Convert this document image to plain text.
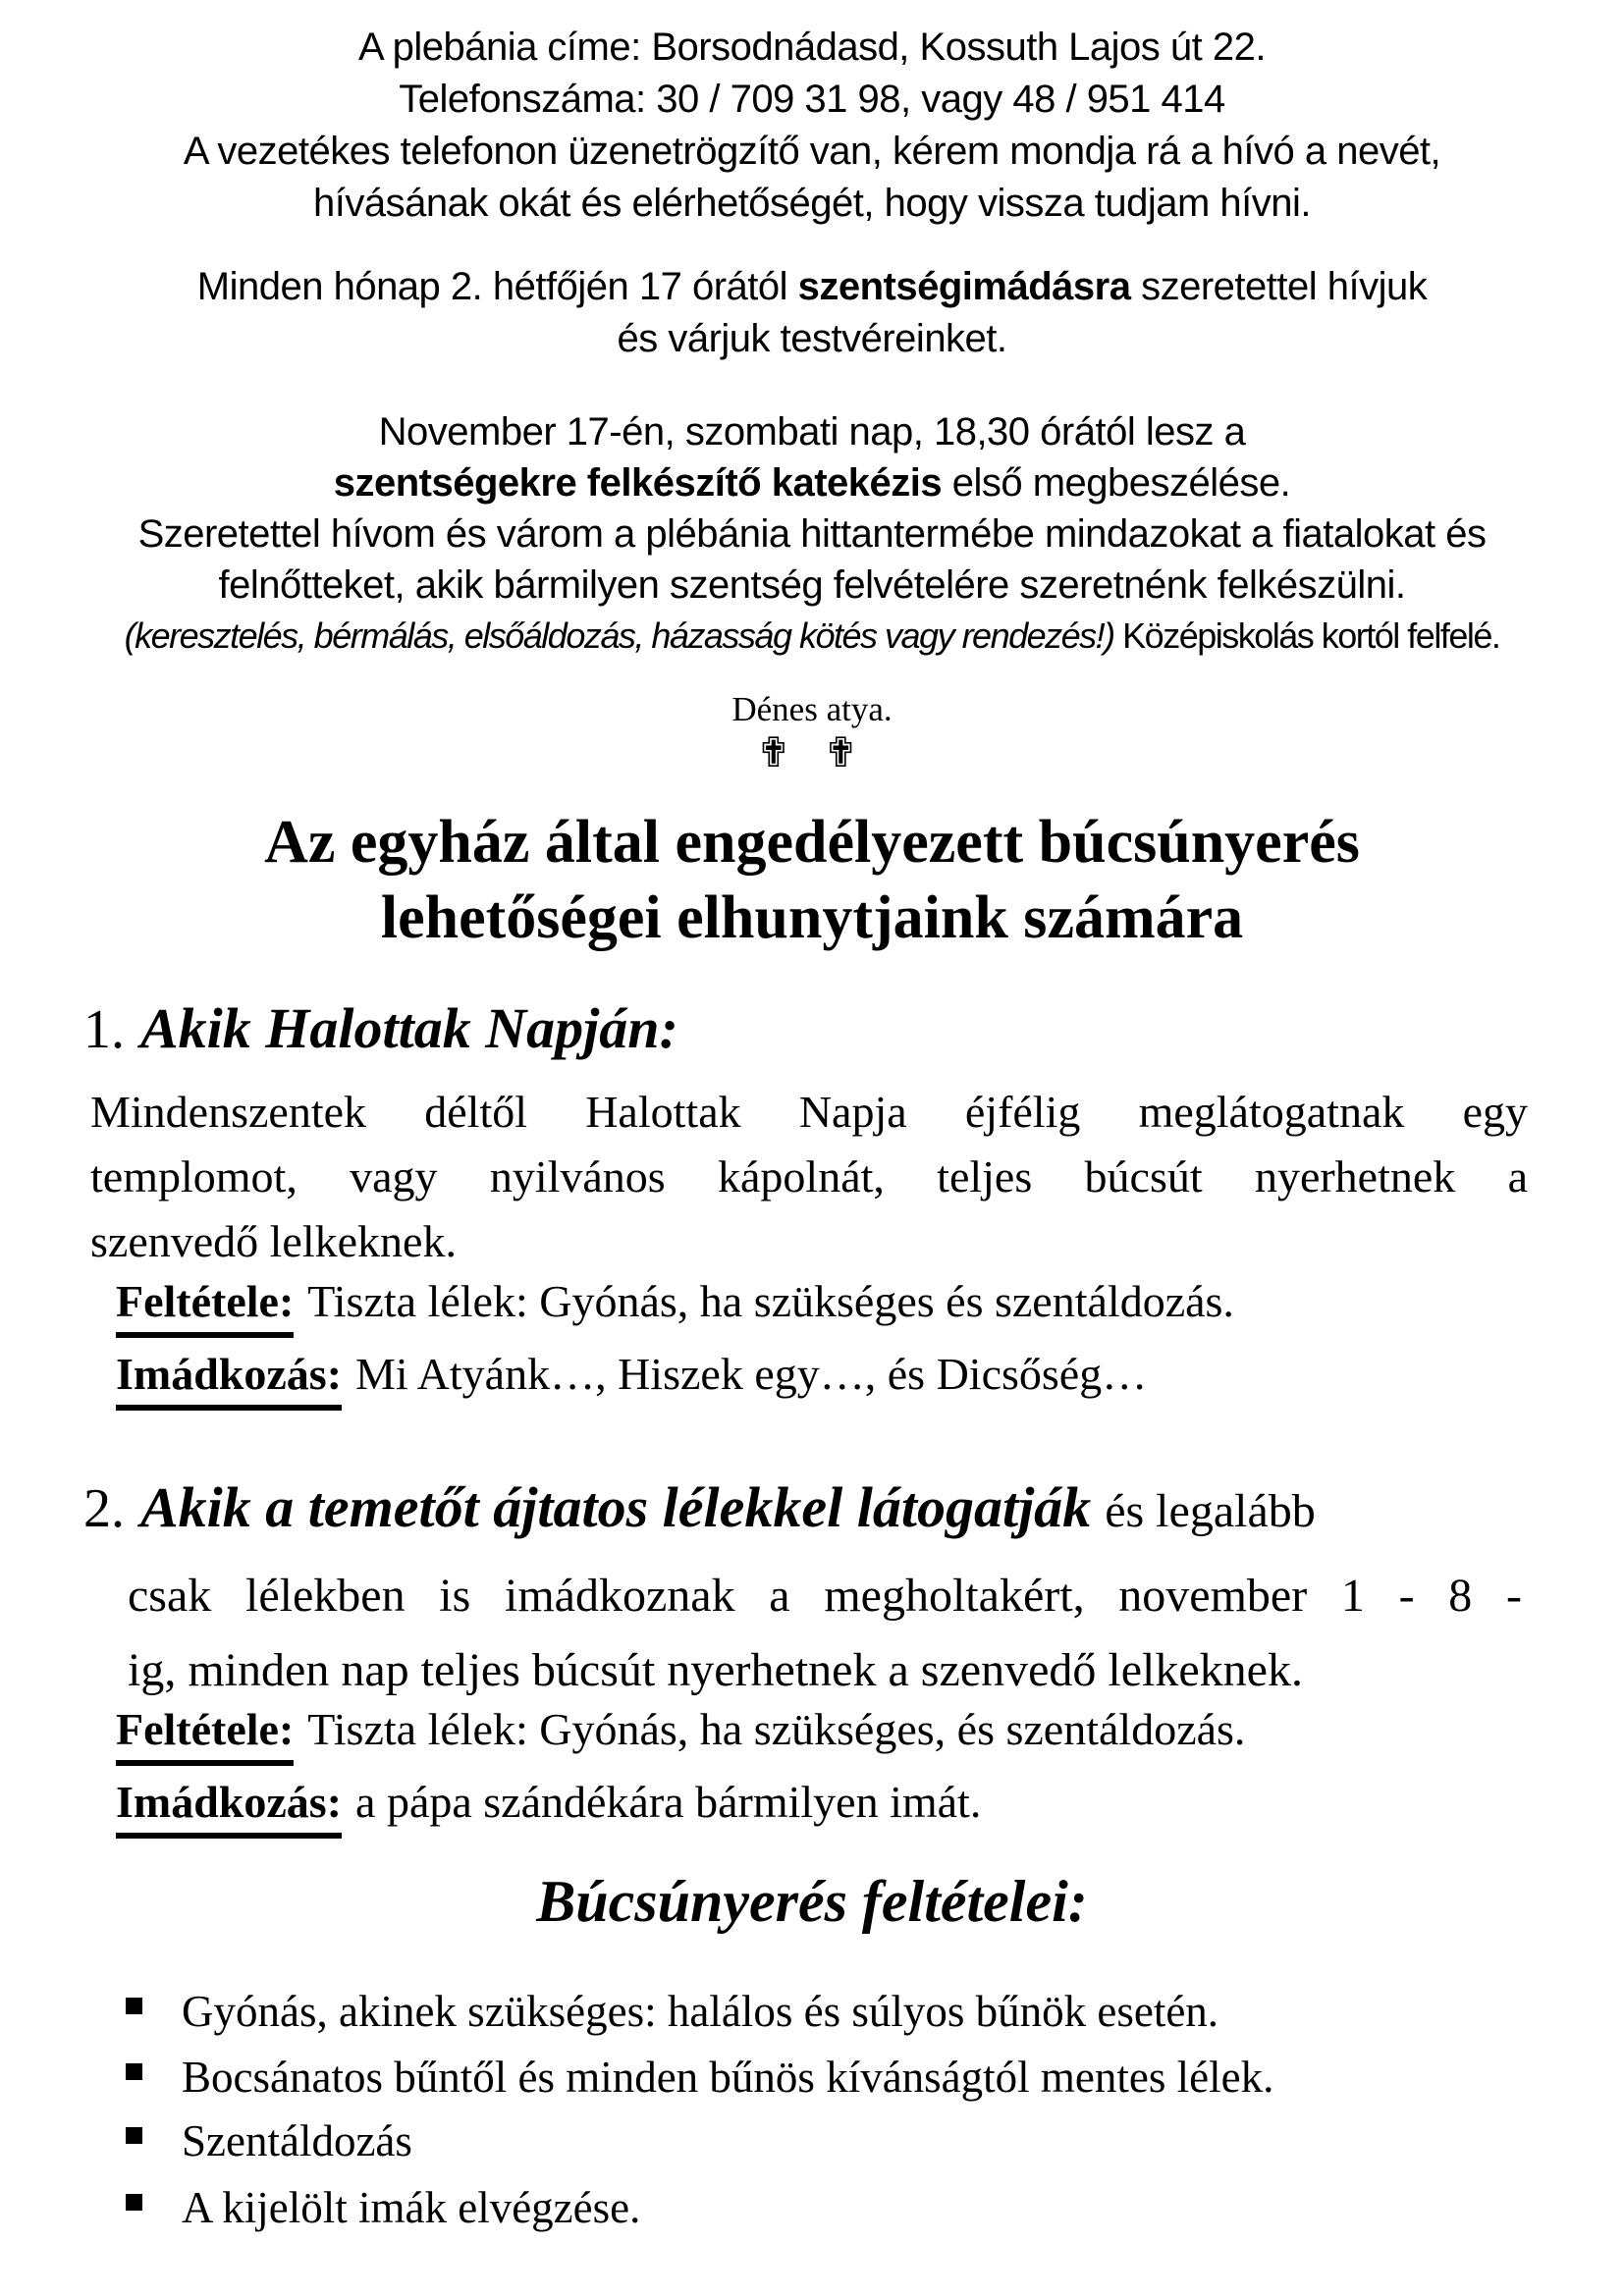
A plebánia címe: Borsodnádasd, Kossuth Lajos út 22.
Telefonszáma: 30 / 709 31 98, vagy 48 / 951 414
A vezetékes telefonon üzenetrögzítő van, kérem mondja rá a hívó a nevét,
hívásának okát és elérhetőségét, hogy vissza tudjam hívni.
Minden hónap 2. hétfőjén 17 órától szentségimádásra szeretettel hívjuk
és várjuk testvéreinket.
November 17-én, szombati nap, 18,30 órától lesz a
szentségekre felkészítő katekézis első megbeszélése.
Szeretettel hívom és várom a plébánia hittantermébe mindazokat a fiatalokat és
felnőtteket, akik bármilyen szentség felvételére szeretnénk felkészülni.
(keresztelés, bérmálás, elsőáldozás, házasság kötés vagy rendezés!) Középiskolás kortól felfelé.
Dénes atya.
✟ ✟
Az egyház által engedélyezett búcsúnyerés
lehetőségei elhunytjaink számára
1. Akik Halottak Napján:
Mindenszentek déltől Halottak Napja éjfélig meglátogatnak egy
templomot, vagy nyilvános kápolnát, teljes búcsút nyerhetnek a
szenvedő lelkeknek.
Feltétele: Tiszta lélek: Gyónás, ha szükséges és szentáldozás.
Imádkozás: Mi Atyánk…, Hiszek egy…, és Dicsőség…
2. Akik a temetőt ájtatos lélekkel látogatják és legalább
csak lélekben is imádkoznak a megholtakért, november 1 - 8 -
ig, minden nap teljes búcsút nyerhetnek a szenvedő lelkeknek.
Feltétele: Tiszta lélek: Gyónás, ha szükséges, és szentáldozás.
Imádkozás: a pápa szándékára bármilyen imát.
Búcsúnyerés feltételei:
Gyónás, akinek szükséges: halálos és súlyos bűnök esetén.
Bocsánatos bűntől és minden bűnös kívánságtól mentes lélek.
Szentáldozás
A kijelölt imák elvégzése.
